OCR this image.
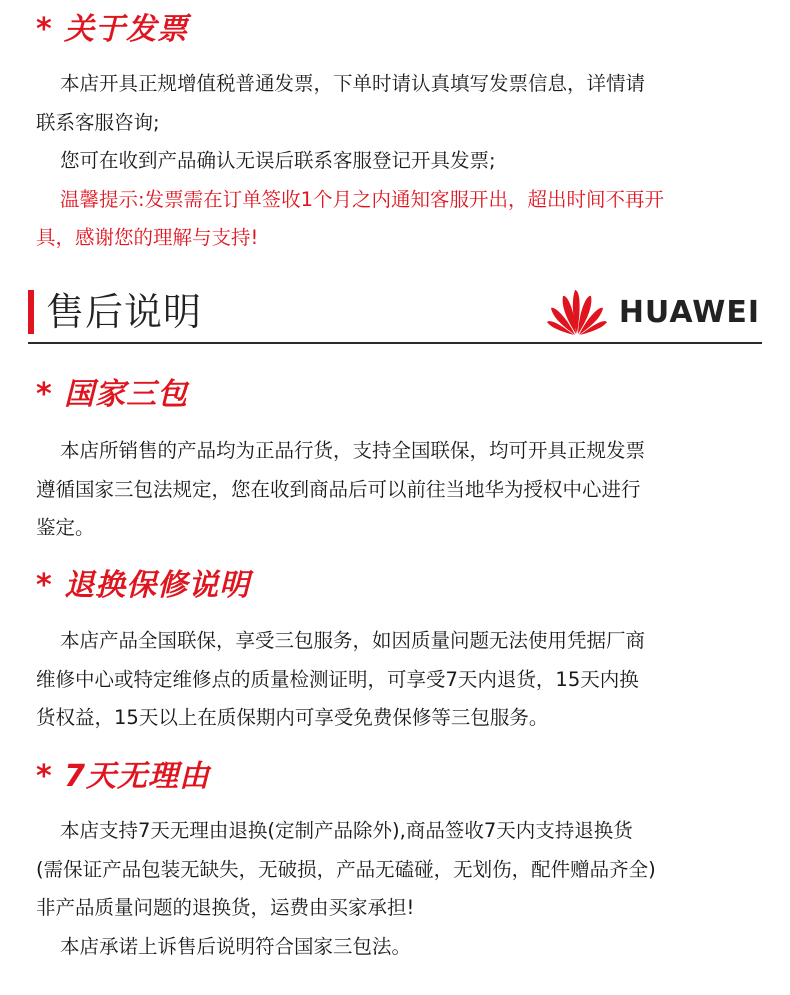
* 关于发票
本店开具正规增值税普通发票，下单时请认真填写发票信息，详情请
联系客服咨询;
您可在收到产品确认无误后联系客服登记开具发票;
温馨提示:发票需在订单签收1个月之内通知客服开出，超出时间不再开
具，感谢您的理解与支持!
售后说明	HUAWEI
* 国家三包
本店所销售的产品均为正品行货，支持全国联保，均可开具正规发票
遵循国家三包法规定，您在收到商品后可以前往当地华为授权中心进行
鉴定。
* 退换保修说明
本店产品全国联保，享受三包服务，如因质量问题无法使用凭据厂商
维修中心或特定维修点的质量检测证明，可享受7天内退货，15天内换
货权益，15天以上在质保期内可享受免费保修等三包服务。
* 7天无理由
本店支持7天无理由退换(定制产品除外),商品签收7天内支持退换货
(需保证产品包装无缺失，无破损，产品无磕碰，无划伤，配件赠品齐全)
非产品质量问题的退换货，运费由买家承担!
本店承诺上诉售后说明符合国家三包法。
